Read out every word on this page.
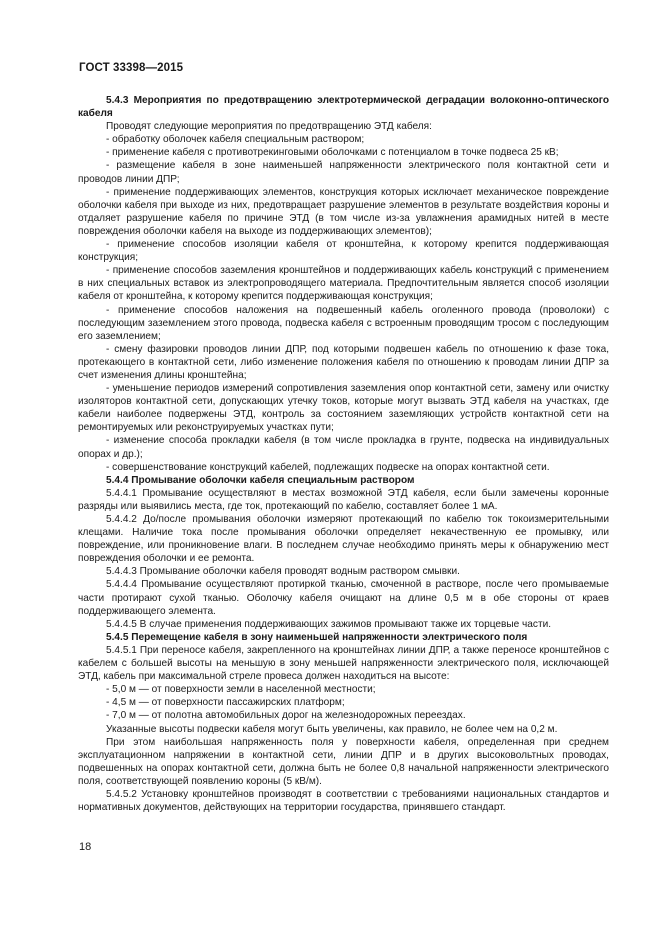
ГОСТ 33398—2015

5.4.3 Мероприятия по предотвращению электротермической деградации волоконно-оптического кабеля

Проводят следующие мероприятия по предотвращению ЭТД кабеля:

- обработку оболочек кабеля специальным раствором;

- применение кабеля с противотрекинговыми оболочками с потенциалом в точке подвеса 25 кВ;

- размещение кабеля в зоне наименьшей напряженности электрического поля контактной сети и проводов линии ДПР;

- применение поддерживающих элементов, конструкция которых исключает механическое повреждение оболочки кабеля при выходе из них, предотвращает разрушение элементов в результате воздействия короны и отдаляет разрушение кабеля по причине ЭТД (в том числе из-за увлажнения арамидных нитей в месте повреждения оболочки кабеля на выходе из поддерживающих элементов);

- применение способов изоляции кабеля от кронштейна, к которому крепится поддерживающая конструкция;

- применение способов заземления кронштейнов и поддерживающих кабель конструкций с применением в них специальных вставок из электропроводящего материала. Предпочтительным является способ изоляции кабеля от кронштейна, к которому крепится поддерживающая конструкция;

- применение способов наложения на подвешенный кабель оголенного провода (проволоки) с последующим заземлением этого провода, подвеска кабеля с встроенным проводящим тросом с последующим его заземлением;

- смену фазировки проводов линии ДПР, под которыми подвешен кабель по отношению к фазе тока, протекающего в контактной сети, либо изменение положения кабеля по отношению к проводам линии ДПР за счет изменения длины кронштейна;

- уменьшение периодов измерений сопротивления заземления опор контактной сети, замену или очистку изоляторов контактной сети, допускающих утечку токов, которые могут вызвать ЭТД кабеля на участках, где кабели наиболее подвержены ЭТД, контроль за состоянием заземляющих устройств контактной сети на ремонтируемых или реконструируемых участках пути;

- изменение способа прокладки кабеля (в том числе прокладка в грунте, подвеска на индивидуальных опорах и др.);

- совершенствование конструкций кабелей, подлежащих подвеске на опорах контактной сети.

5.4.4 Промывание оболочки кабеля специальным раствором

5.4.4.1 Промывание осуществляют в местах возможной ЭТД кабеля, если были замечены коронные разряды или выявились места, где ток, протекающий по кабелю, составляет более 1 мА.

5.4.4.2 До/после промывания оболочки измеряют протекающий по кабелю ток токоизмерительными клещами. Наличие тока после промывания оболочки определяет некачественную ее промывку, или повреждение, или проникновение влаги. В последнем случае необходимо принять меры к обнаружению мест повреждения оболочки и ее ремонта.

5.4.4.3 Промывание оболочки кабеля проводят водным раствором смывки.

5.4.4.4 Промывание осуществляют протиркой тканью, смоченной в растворе, после чего промываемые части протирают сухой тканью. Оболочку кабеля очищают на длине 0,5 м в обе стороны от краев поддерживающего элемента.

5.4.4.5 В случае применения поддерживающих зажимов промывают также их торцевые части.

5.4.5 Перемещение кабеля в зону наименьшей напряженности электрического поля

5.4.5.1 При переносе кабеля, закрепленного на кронштейнах линии ДПР, а также переносе кронштейнов с кабелем с большей высоты на меньшую в зону меньшей напряженности электрического поля, исключающей ЭТД, кабель при максимальной стреле провеса должен находиться на высоте:

- 5,0 м — от поверхности земли в населенной местности;

- 4,5 м — от поверхности пассажирских платформ;

- 7,0 м — от полотна автомобильных дорог на железнодорожных переездах.

Указанные высоты подвески кабеля могут быть увеличены, как правило, не более чем на 0,2 м.

При этом наибольшая напряженность поля у поверхности кабеля, определенная при среднем эксплуатационном напряжении в контактной сети, линии ДПР и в других высоковольтных проводах, подвешенных на опорах контактной сети, должна быть не более 0,8 начальной напряженности электрического поля, соответствующей появлению короны (5 кВ/м).

5.4.5.2 Установку кронштейнов производят в соответствии с требованиями национальных стандартов и нормативных документов, действующих на территории государства, принявшего стандарт.

18
